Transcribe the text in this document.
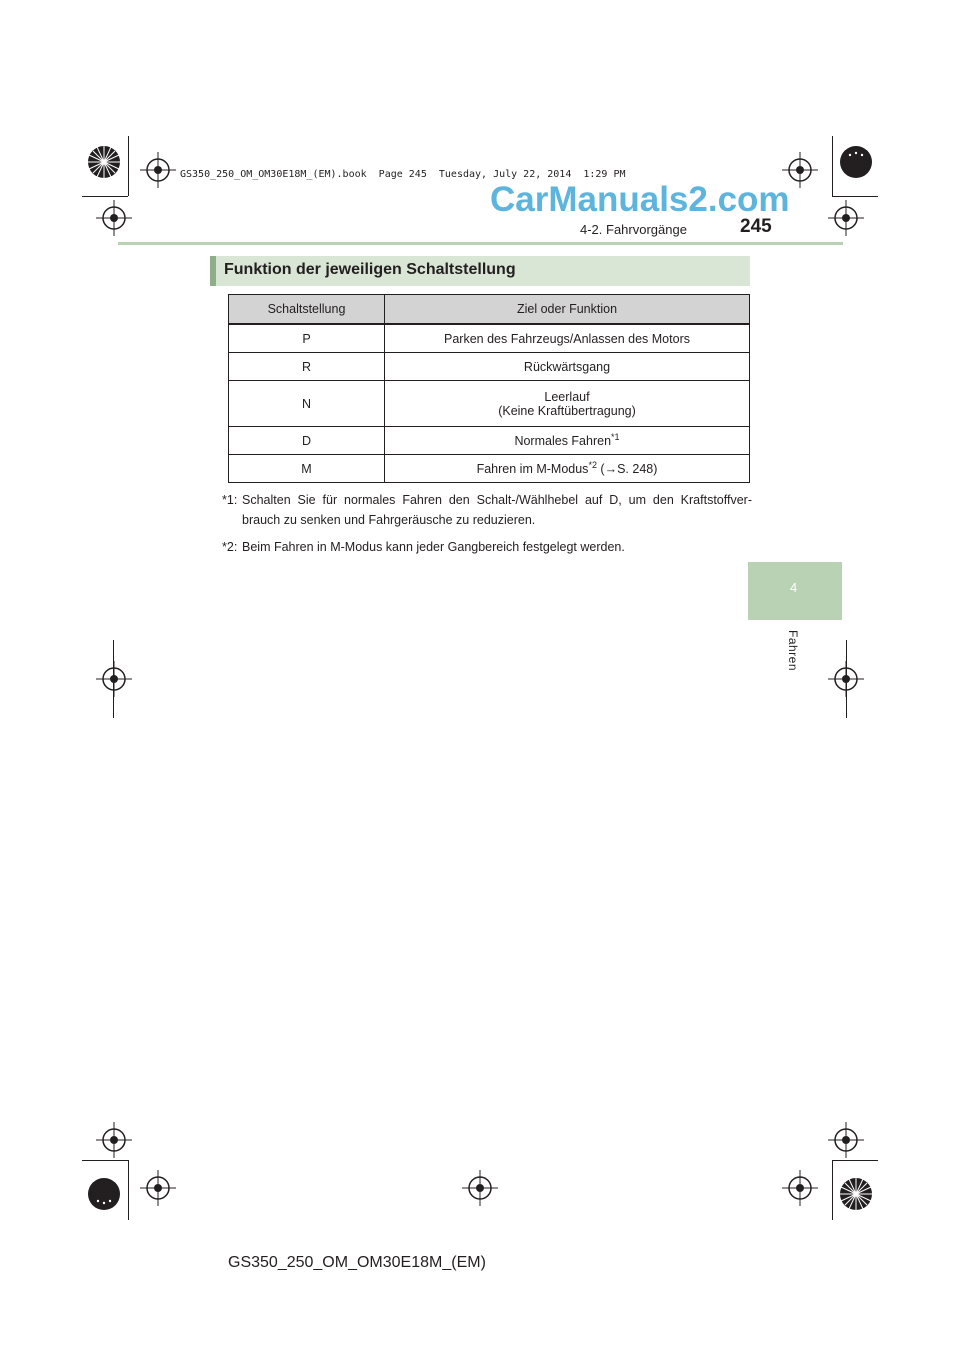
GS350_250_OM_OM30E18M_(EM).book  Page 245  Tuesday, July 22, 2014  1:29 PM
CarManuals2.com
4-2. Fahrvorgänge	245
4
Fahren
Funktion der jeweiligen Schaltstellung
Schaltstellung	Ziel oder Funktion
P	Parken des Fahrzeugs/Anlassen des Motors
R	Rückwärtsgang
N	Leerlauf
(Keine Kraftübertragung)

D	Normales Fahren$^{*1}$
M	Fahren im M-Modus$^{*2}$ (→S. 248)
*1: Schalten Sie für normales Fahren den Schalt-/Wählhebel auf D, um den Kraftstoffver- brauch zu senken und Fahrgeräusche zu reduzieren.
*2: Beim Fahren in M-Modus kann jeder Gangbereich festgelegt werden.
GS350_250_OM_OM30E18M_(EM)
